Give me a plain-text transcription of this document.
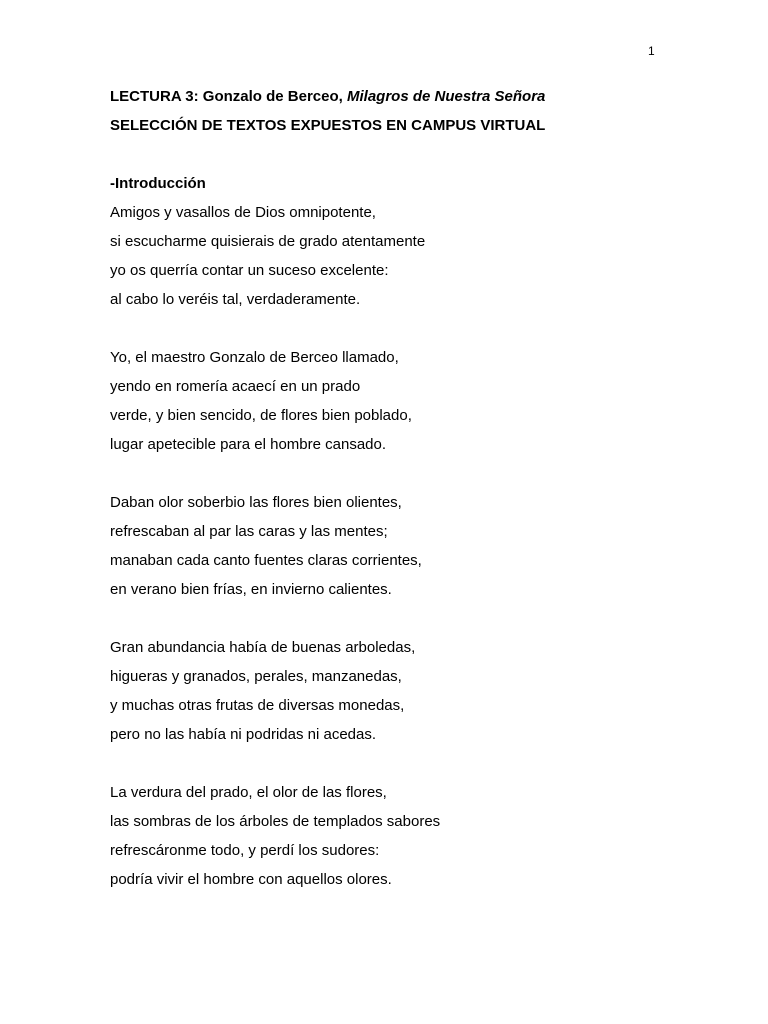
1
LECTURA 3: Gonzalo de Berceo, Milagros de Nuestra Señora
SELECCIÓN DE TEXTOS EXPUESTOS EN CAMPUS VIRTUAL
-Introducción
Amigos y vasallos de Dios omnipotente,
si escucharme quisierais de grado atentamente
yo os querría contar un suceso excelente:
al cabo lo veréis tal, verdaderamente.
Yo, el maestro Gonzalo de Berceo llamado,
yendo en romería acaecí en un prado
verde, y bien sencido, de flores bien poblado,
lugar apetecible para el hombre cansado.
Daban olor soberbio las flores bien olientes,
refrescaban al par las caras y las mentes;
manaban cada canto fuentes claras corrientes,
en verano bien frías, en invierno calientes.
Gran abundancia había de buenas arboledas,
higueras y granados, perales, manzanedas,
y muchas otras frutas de diversas monedas,
pero no las había ni podridas ni acedas.
La verdura del prado, el olor de las flores,
las sombras de los árboles de templados sabores
refrescáronme todo, y perdí los sudores:
podría vivir el hombre con aquellos olores.
